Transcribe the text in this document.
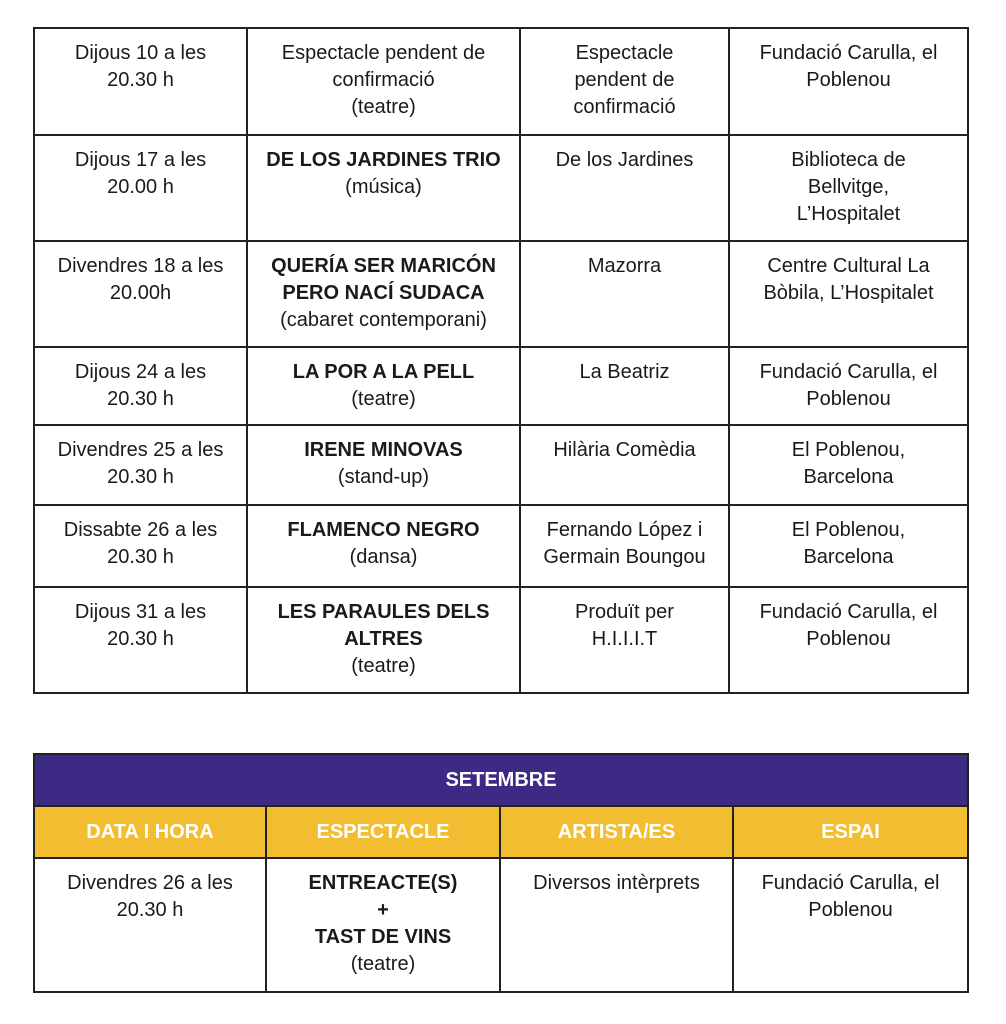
Dijous 10 a les
20.30 h	Espectacle pendent de
confirmació
(teatre)	Espectacle
pendent de
confirmació	Fundació Carulla, el
Poblenou

Dijous 17 a les
20.00 h	DE LOS JARDINES TRIO
(música)	De los Jardines	Biblioteca de
Bellvitge,
L’Hospitalet

Divendres 18 a les
20.00h	QUERÍA SER MARICÓN
PERO NACÍ SUDACA
(cabaret contemporani)	Mazorra	Centre Cultural La
Bòbila, L’Hospitalet

Dijous 24 a les
20.30 h	LA POR A LA PELL
(teatre)	La Beatriz	Fundació Carulla, el
Poblenou

Divendres 25 a les
20.30 h	IRENE MINOVAS
(stand-up)	Hilària Comèdia	El Poblenou,
Barcelona

Dissabte 26 a les
20.30 h	FLAMENCO NEGRO
(dansa)	Fernando López i
Germain Boungou	El Poblenou,
Barcelona

Dijous 31 a les
20.30 h	LES PARAULES DELS
ALTRES
(teatre)	Produït per
H.I.I.I.T	Fundació Carulla, el
Poblenou
SETEMBRE			
DATA I HORA	ESPECTACLE	ARTISTA/ES	ESPAI

Divendres 26 a les
20.30 h	ENTREACTE(S)
+
TAST DE VINS
(teatre)	Diversos intèrprets	Fundació Carulla, el
Poblenou
